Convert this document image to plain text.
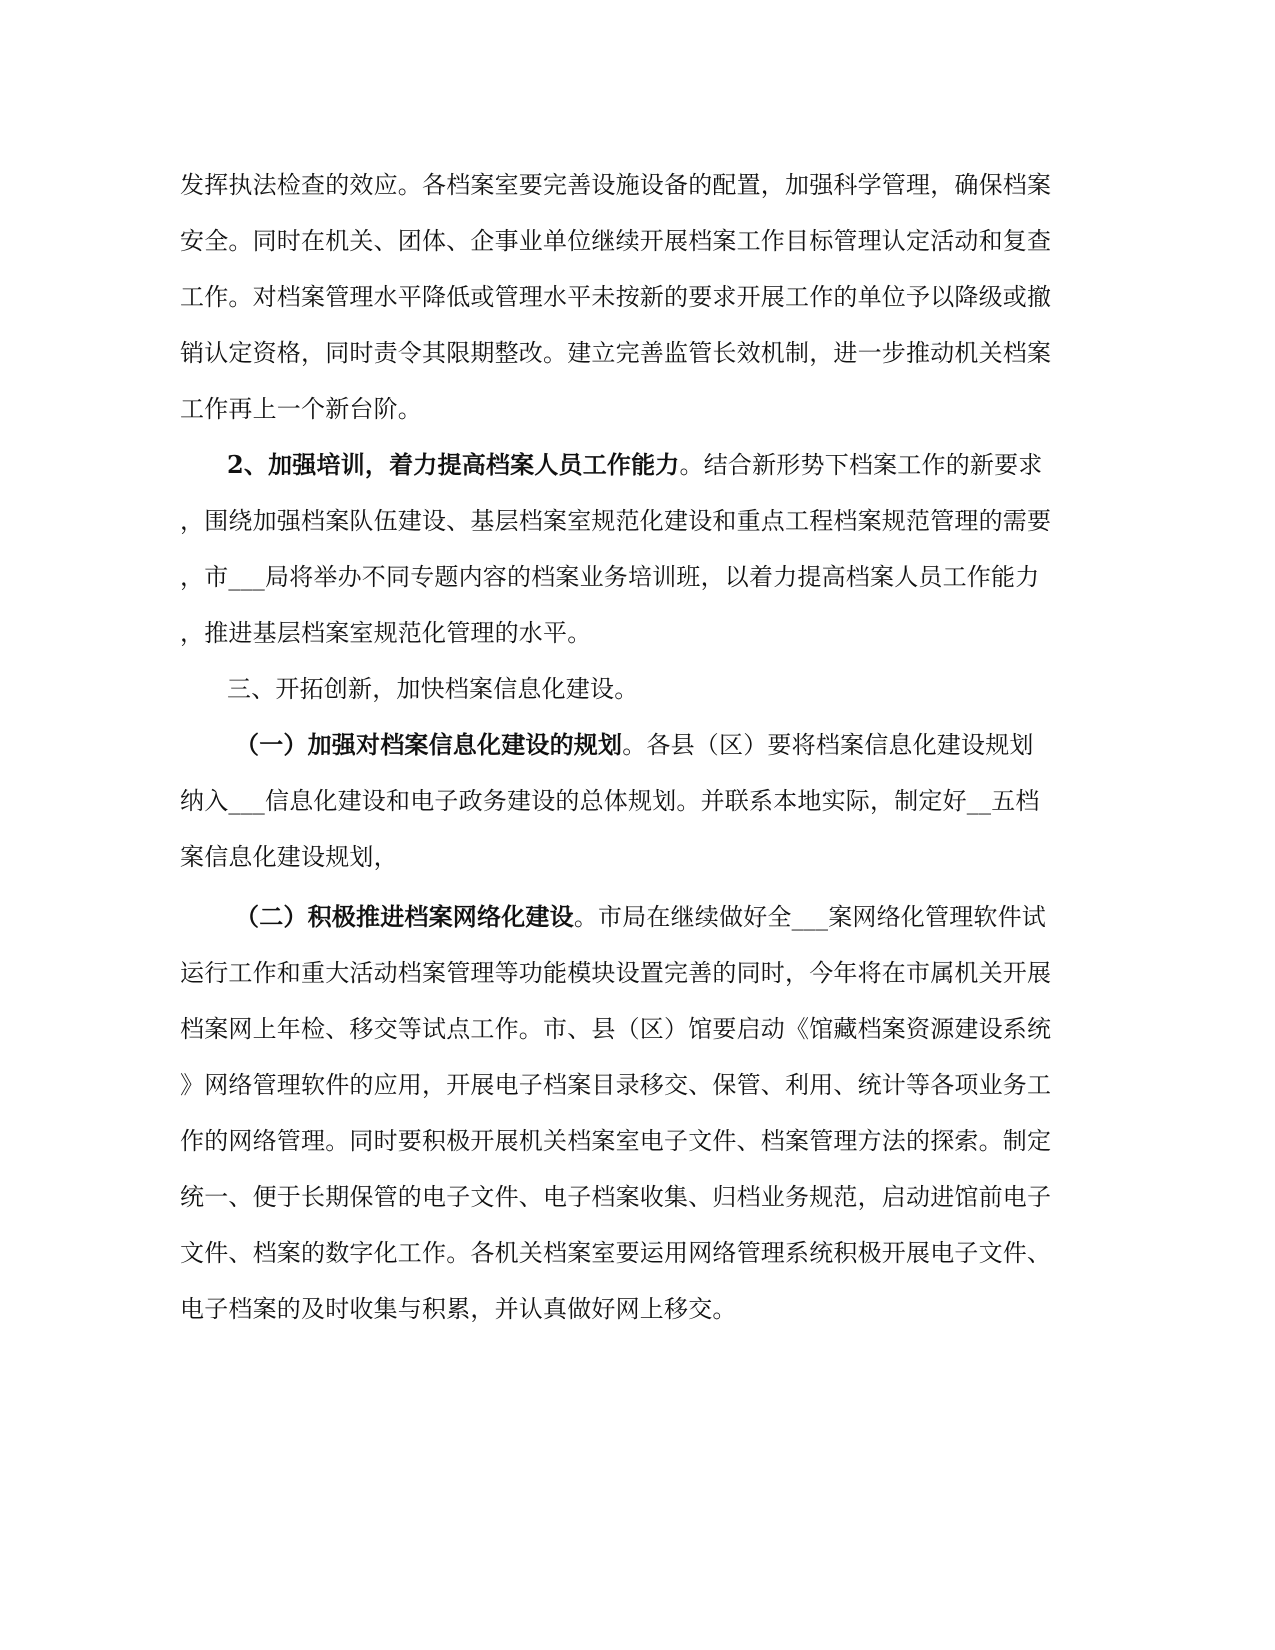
发挥执法检查的效应。各档案室要完善设施设备的配置，加强科学管理，确保档案
安全。同时在机关、团体、企事业单位继续开展档案工作目标管理认定活动和复查
工作。对档案管理水平降低或管理水平未按新的要求开展工作的单位予以降级或撤
销认定资格，同时责令其限期整改。建立完善监管长效机制，进一步推动机关档案
工作再上一个新台阶。
2、加强培训，着力提高档案人员工作能力。结合新形势下档案工作的新要求
，围绕加强档案队伍建设、基层档案室规范化建设和重点工程档案规范管理的需要
，市___局将举办不同专题内容的档案业务培训班，以着力提高档案人员工作能力
，推进基层档案室规范化管理的水平。
三、开拓创新，加快档案信息化建设。
（一）加强对档案信息化建设的规划。各县（区）要将档案信息化建设规划
纳入___信息化建设和电子政务建设的总体规划。并联系本地实际，制定好__五档
案信息化建设规划，
（二）积极推进档案网络化建设。市局在继续做好全___案网络化管理软件试
运行工作和重大活动档案管理等功能模块设置完善的同时，今年将在市属机关开展
档案网上年检、移交等试点工作。市、县（区）馆要启动《馆藏档案资源建设系统
》网络管理软件的应用，开展电子档案目录移交、保管、利用、统计等各项业务工
作的网络管理。同时要积极开展机关档案室电子文件、档案管理方法的探索。制定
统一、便于长期保管的电子文件、电子档案收集、归档业务规范，启动进馆前电子
文件、档案的数字化工作。各机关档案室要运用网络管理系统积极开展电子文件、
电子档案的及时收集与积累，并认真做好网上移交。
